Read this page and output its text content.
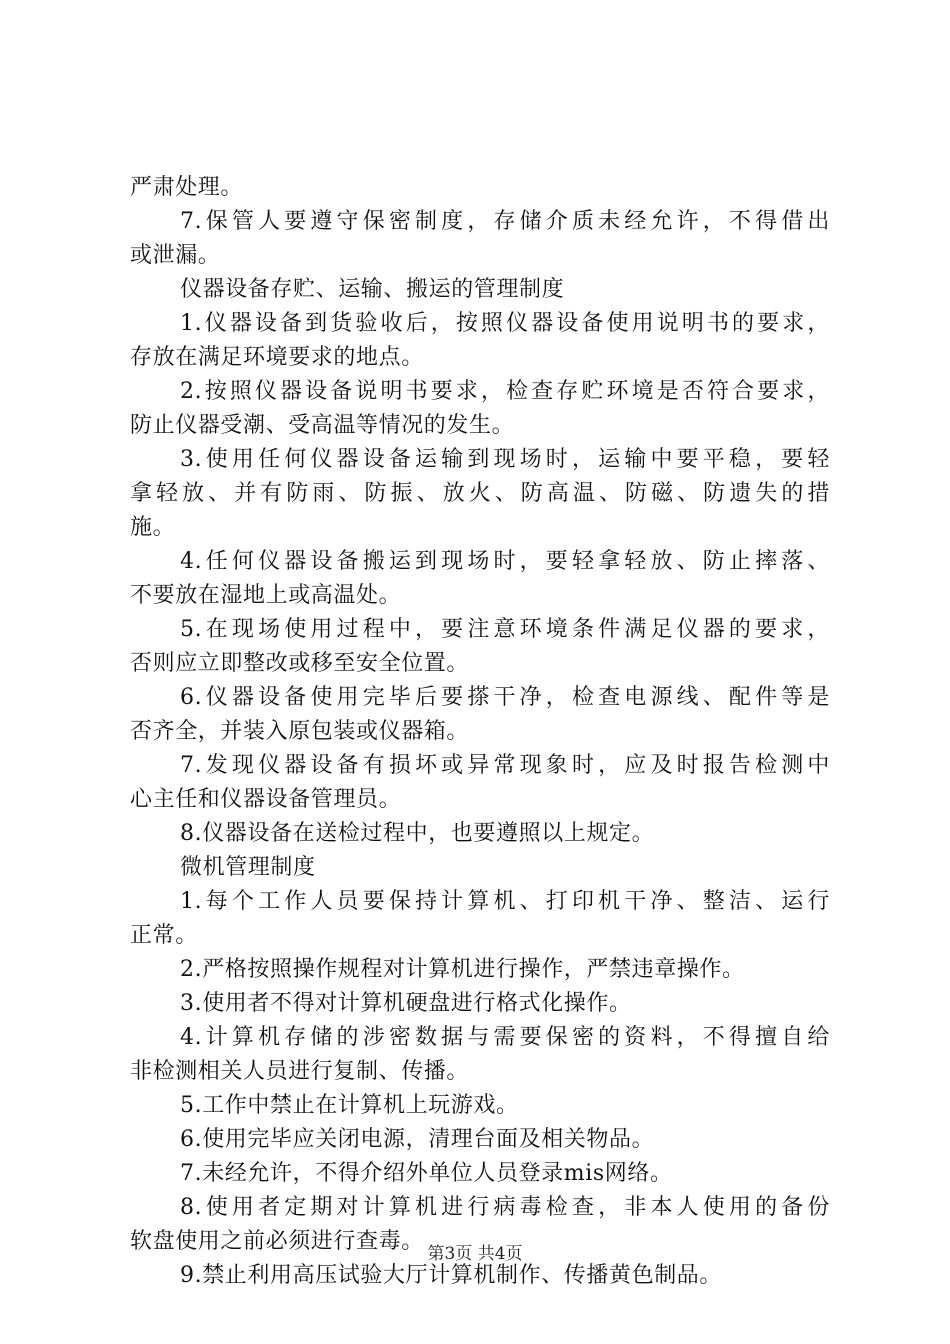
严肃处理。
7.保管人要遵守保密制度，存储介质未经允许，不得借出
或泄漏。
仪器设备存贮、运输、搬运的管理制度
1.仪器设备到货验收后，按照仪器设备使用说明书的要求，
存放在满足环境要求的地点。
2.按照仪器设备说明书要求，检查存贮环境是否符合要求，
防止仪器受潮、受高温等情况的发生。
3.使用任何仪器设备运输到现场时，运输中要平稳，要轻
拿轻放、并有防雨、防振、放火、防高温、防磁、防遗失的措
施。
4.任何仪器设备搬运到现场时，要轻拿轻放、防止摔落、
不要放在湿地上或高温处。
5.在现场使用过程中，要注意环境条件满足仪器的要求，
否则应立即整改或移至安全位置。
6.仪器设备使用完毕后要搽干净，检查电源线、配件等是
否齐全，并装入原包装或仪器箱。
7.发现仪器设备有损坏或异常现象时，应及时报告检测中
心主任和仪器设备管理员。
8.仪器设备在送检过程中，也要遵照以上规定。
微机管理制度
1.每个工作人员要保持计算机、打印机干净、整洁、运行
正常。
2.严格按照操作规程对计算机进行操作，严禁违章操作。
3.使用者不得对计算机硬盘进行格式化操作。
4.计算机存储的涉密数据与需要保密的资料，不得擅自给
非检测相关人员进行复制、传播。
5.工作中禁止在计算机上玩游戏。
6.使用完毕应关闭电源，清理台面及相关物品。
7.未经允许，不得介绍外单位人员登录mis网络。
8.使用者定期对计算机进行病毒检查，非本人使用的备份
软盘使用之前必须进行查毒。
9.禁止利用高压试验大厅计算机制作、传播黄色制品。
第3页 共4页
